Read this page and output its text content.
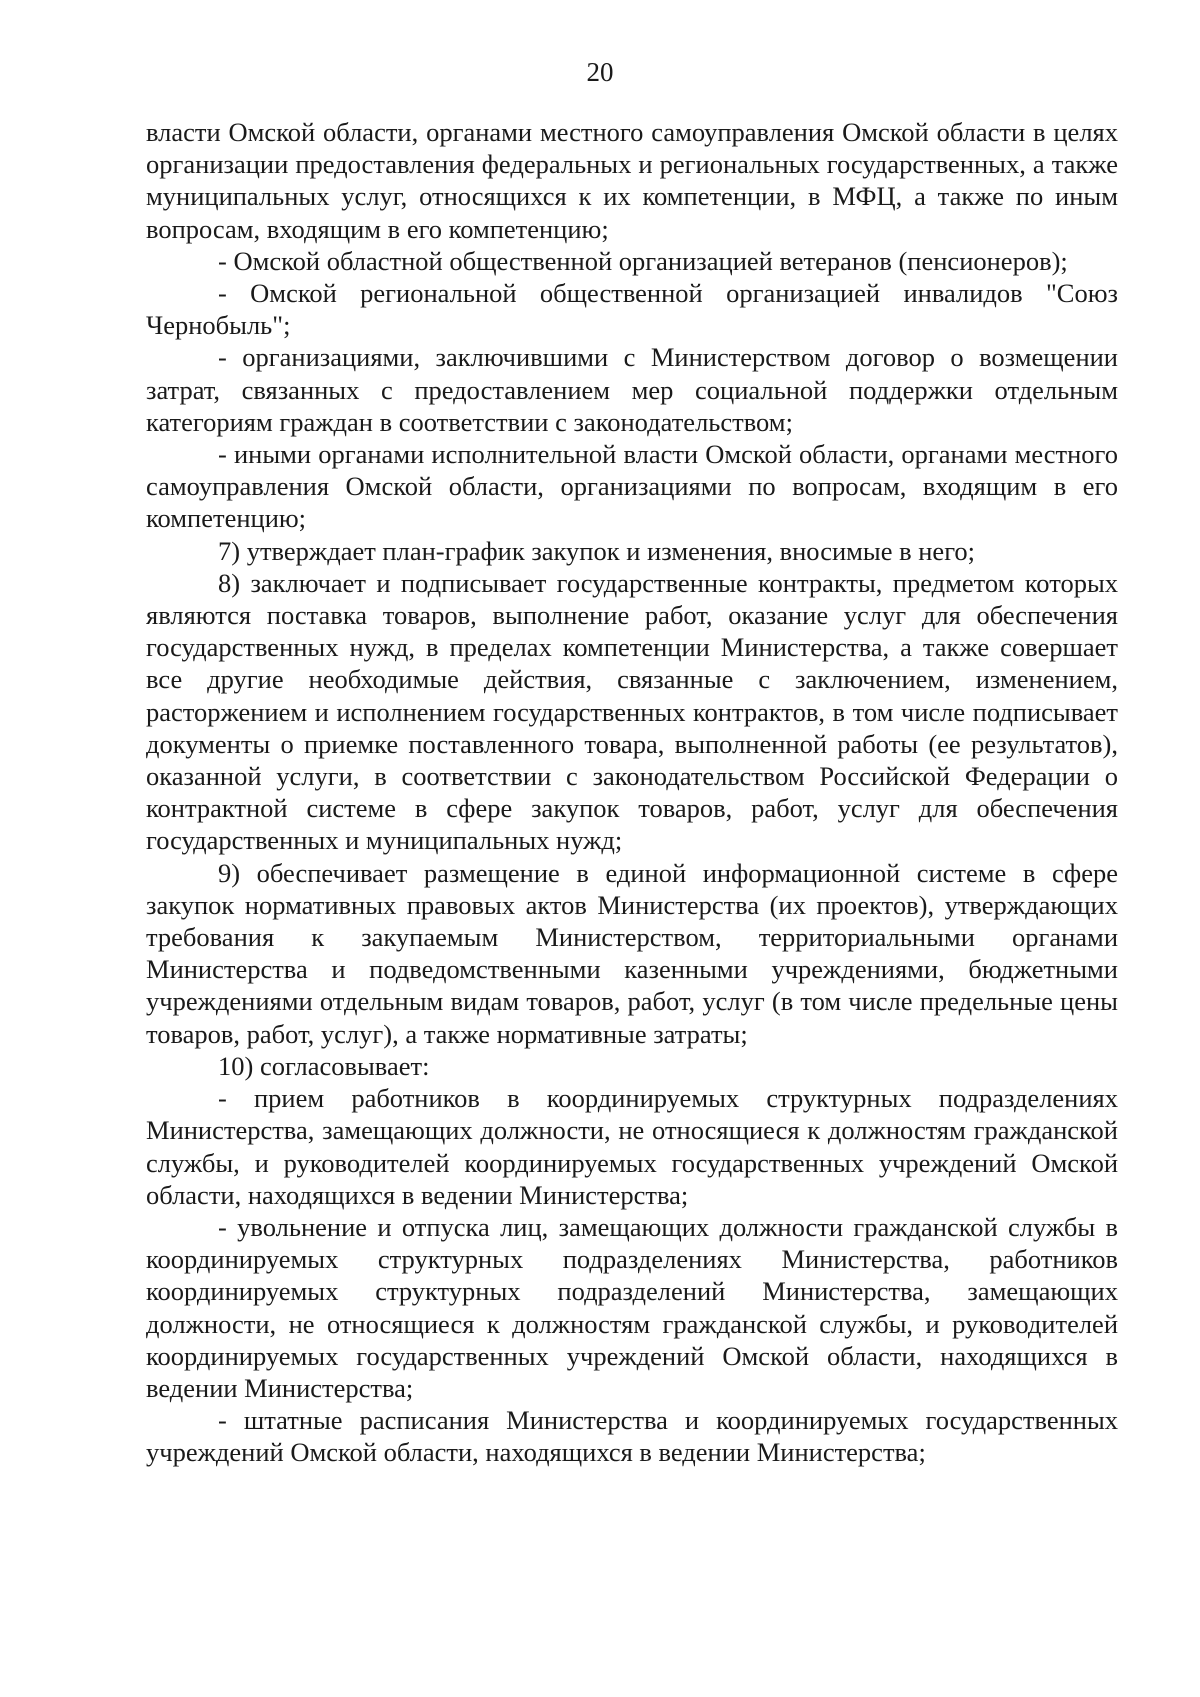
20

власти Омской области, органами местного самоуправления Омской области в целях организации предоставления федеральных и региональных государственных, а также муниципальных услуг, относящихся к их компетенции, в МФЦ, а также по иным вопросам, входящим в его компетенцию;

- Омской областной общественной организацией ветеранов (пенсионеров);

- Омской региональной общественной организацией инвалидов "Союз Чернобыль";

- организациями, заключившими с Министерством договор о возмещении затрат, связанных с предоставлением мер социальной поддержки отдельным категориям граждан в соответствии с законодательством;

- иными органами исполнительной власти Омской области, органами местного самоуправления Омской области, организациями по вопросам, входящим в его компетенцию;

7) утверждает план-график закупок и изменения, вносимые в него;

8) заключает и подписывает государственные контракты, предметом которых являются поставка товаров, выполнение работ, оказание услуг для обеспечения государственных нужд, в пределах компетенции Министерства, а также совершает все другие необходимые действия, связанные с заключением, изменением, расторжением и исполнением государственных контрактов, в том числе подписывает документы о приемке поставленного товара, выполненной работы (ее результатов), оказанной услуги, в соответствии с законодательством Российской Федерации о контрактной системе в сфере закупок товаров, работ, услуг для обеспечения государственных и муниципальных нужд;

9) обеспечивает размещение в единой информационной системе в сфере закупок нормативных правовых актов Министерства (их проектов), утверждающих требования к закупаемым Министерством, территориальными органами Министерства и подведомственными казенными учреждениями, бюджетными учреждениями отдельным видам товаров, работ, услуг (в том числе предельные цены товаров, работ, услуг), а также нормативные затраты;

10) согласовывает:

- прием работников в координируемых структурных подразделениях Министерства, замещающих должности, не относящиеся к должностям гражданской службы, и руководителей координируемых государственных учреждений Омской области, находящихся в ведении Министерства;

- увольнение и отпуска лиц, замещающих должности гражданской службы в координируемых структурных подразделениях Министерства, работников координируемых структурных подразделений Министерства, замещающих должности, не относящиеся к должностям гражданской службы, и руководителей координируемых государственных учреждений Омской области, находящихся в ведении Министерства;

- штатные расписания Министерства и координируемых государственных учреждений Омской области, находящихся в ведении Министерства;
